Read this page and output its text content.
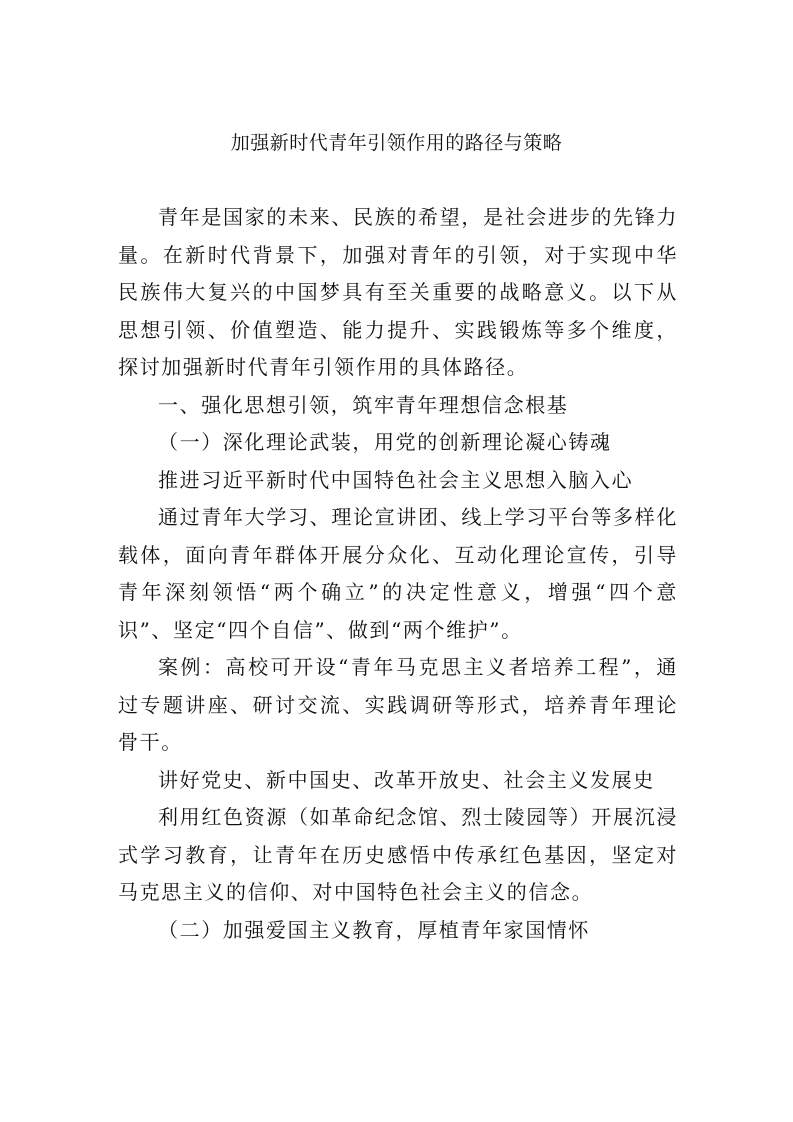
加强新时代青年引领作用的路径与策略

青年是国家的未来、民族的希望，是社会进步的先锋力量。在新时代背景下，加强对青年的引领，对于实现中华民族伟大复兴的中国梦具有至关重要的战略意义。以下从思想引领、价值塑造、能力提升、实践锻炼等多个维度，探讨加强新时代青年引领作用的具体路径。

一、强化思想引领，筑牢青年理想信念根基

（一）深化理论武装，用党的创新理论凝心铸魂

推进习近平新时代中国特色社会主义思想入脑入心

通过青年大学习、理论宣讲团、线上学习平台等多样化载体，面向青年群体开展分众化、互动化理论宣传，引导青年深刻领悟“两个确立”的决定性意义，增强“四个意识”、坚定“四个自信”、做到“两个维护”。

案例：高校可开设“青年马克思主义者培养工程”，通过专题讲座、研讨交流、实践调研等形式，培养青年理论骨干。

讲好党史、新中国史、改革开放史、社会主义发展史

利用红色资源（如革命纪念馆、烈士陵园等）开展沉浸式学习教育，让青年在历史感悟中传承红色基因，坚定对马克思主义的信仰、对中国特色社会主义的信念。

（二）加强爱国主义教育，厚植青年家国情怀
